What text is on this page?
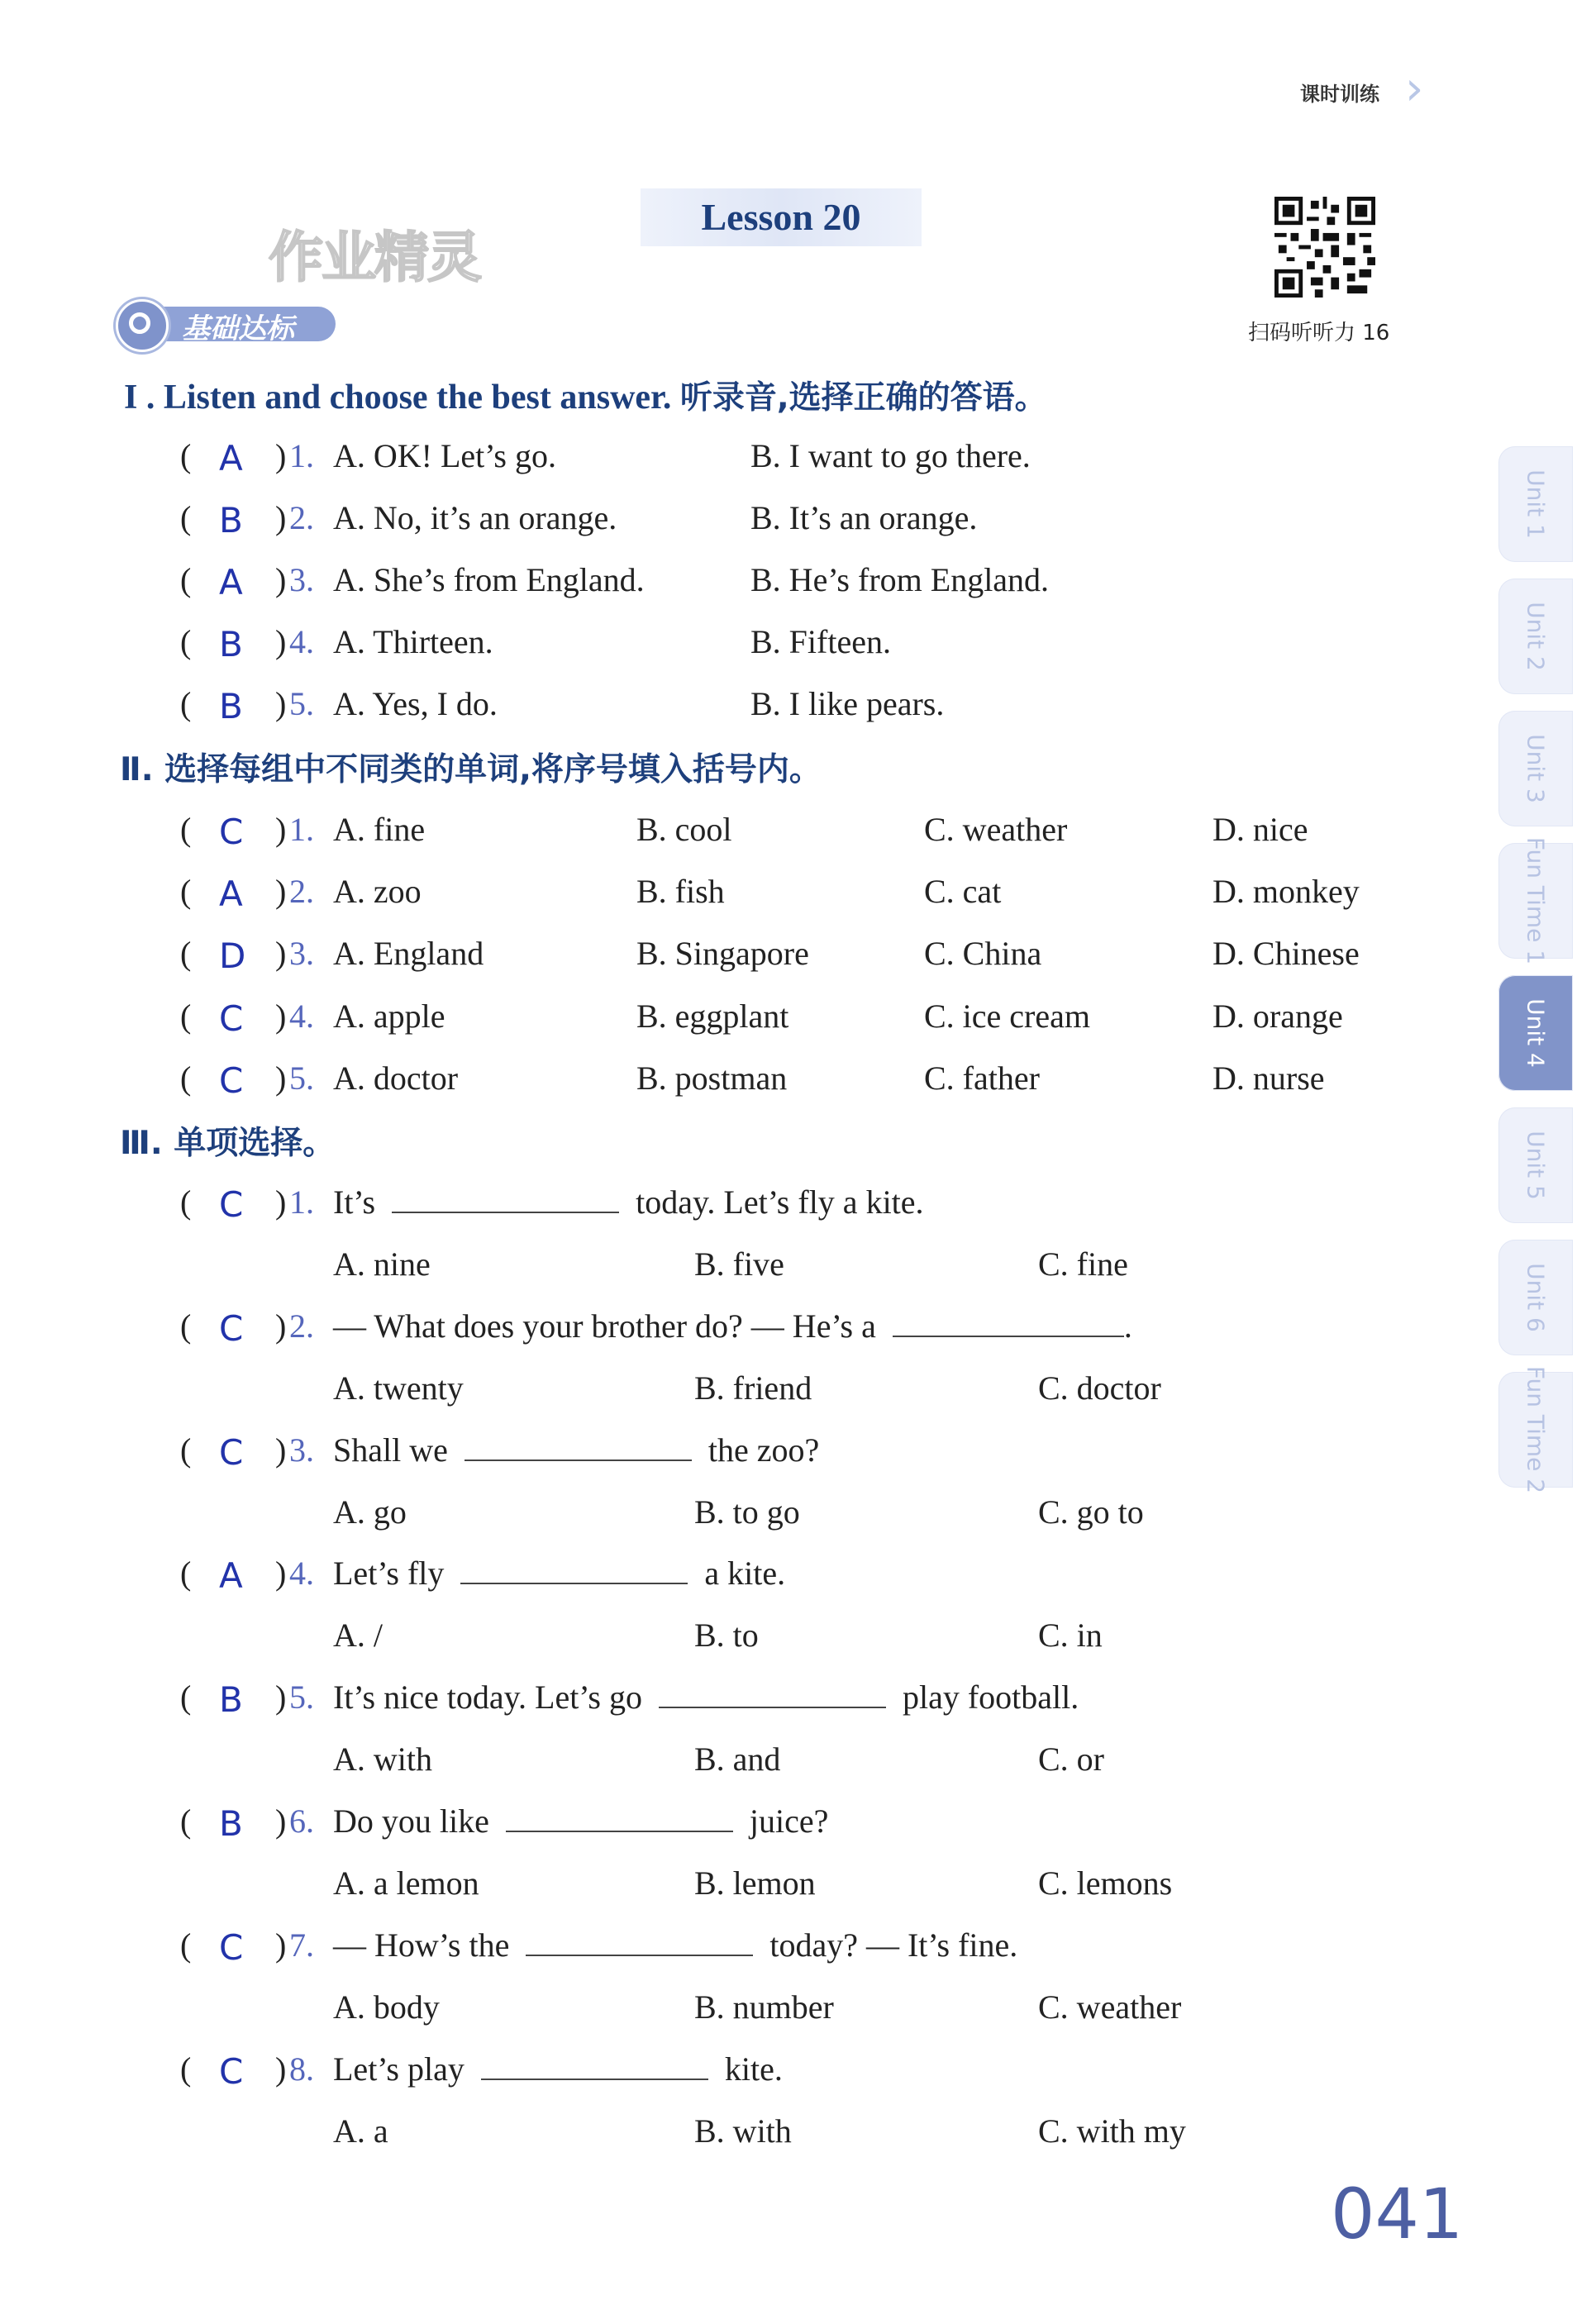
课时训练 ›
作业精灵
Lesson 20
扫码听听力 16
基础达标
I . Listen and choose the best answer. 听录音,选择正确的答语。
( A ) 1. A. OK! Let’s go.	B. I want to go there.
( B ) 2. A. No, it’s an orange.	B. It’s an orange.
( A ) 3. A. She’s from England.	B. He’s from England.
( B ) 4. A. Thirteen.	B. Fifteen.
( B ) 5. A. Yes, I do.	B. I like pears.
Ⅱ. 选择每组中不同类的单词,将序号填入括号内。
( C ) 1. A. fine	B. cool	C. weather	D. nice
( A ) 2. A. zoo	B. fish	C. cat	D. monkey
( D ) 3. A. England	B. Singapore	C. China	D. Chinese
( C ) 4. A. apple	B. eggplant	C. ice cream	D. orange
( C ) 5. A. doctor	B. postman	C. father	D. nurse
Ⅲ. 单项选择。
( C ) 1. It’s	today. Let’s fly a kite.
A. nine	B. five	C. fine
( C ) 2. — What does your brother do? — He’s a	.
A. twenty	B. friend	C. doctor
( C ) 3. Shall we	the zoo?
A. go	B. to go	C. go to
( A ) 4. Let’s fly	a kite.
A. /	B. to	C. in
( B ) 5. It’s nice today. Let’s go	play football.
A. with	B. and	C. or
( B ) 6. Do you like	juice?
A. a lemon	B. lemon	C. lemons
( C ) 7. — How’s the	today? — It’s fine.
A. body	B. number	C. weather
( C ) 8. Let’s play	kite.
A. a	B. with	C. with my
Unit 1
Unit 2
Unit 3
Fun Time 1
Unit 4
Unit 5
Unit 6
Fun Time 2
041
